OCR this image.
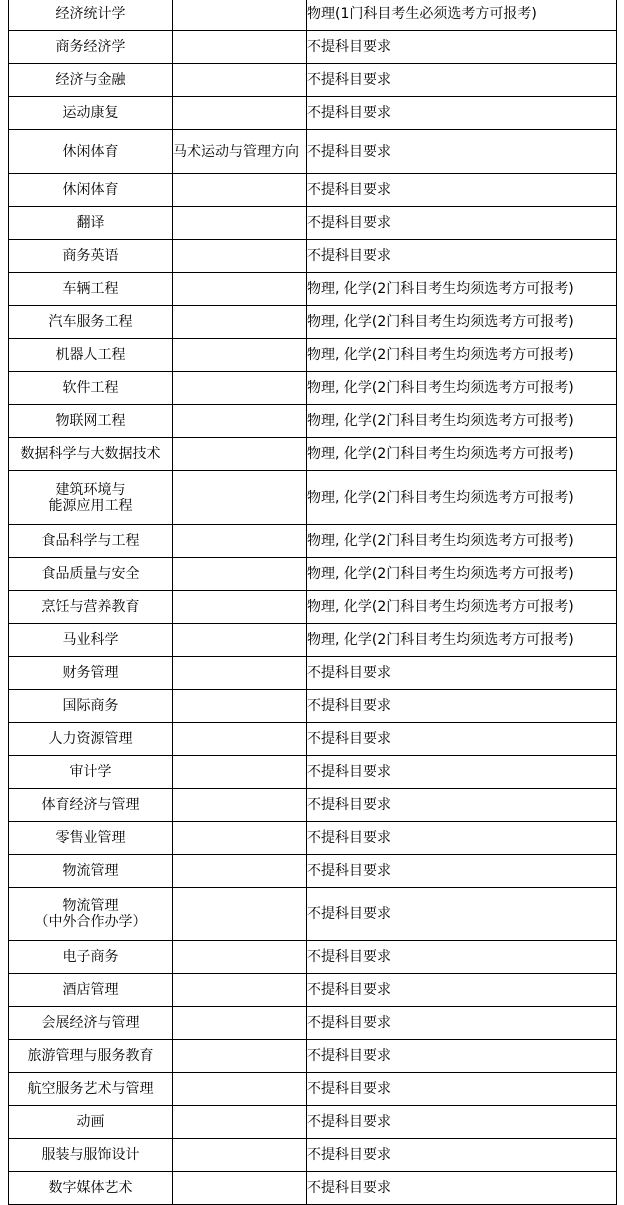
经济统计学		物理(1门科目考生必须选考方可报考)
商务经济学		不提科目要求
经济与金融		不提科目要求
运动康复		不提科目要求
休闲体育	马术运动与管理方向	不提科目要求
休闲体育		不提科目要求
翻译		不提科目要求
商务英语		不提科目要求
车辆工程		物理, 化学(2门科目考生均须选考方可报考)
汽车服务工程		物理, 化学(2门科目考生均须选考方可报考)
机器人工程		物理, 化学(2门科目考生均须选考方可报考)
软件工程		物理, 化学(2门科目考生均须选考方可报考)
物联网工程		物理, 化学(2门科目考生均须选考方可报考)
数据科学与大数据技术		物理, 化学(2门科目考生均须选考方可报考)

建筑环境与
能源应用工程		物理, 化学(2门科目考生均须选考方可报考)
食品科学与工程		物理, 化学(2门科目考生均须选考方可报考)
食品质量与安全		物理, 化学(2门科目考生均须选考方可报考)
烹饪与营养教育		物理, 化学(2门科目考生均须选考方可报考)
马业科学		物理, 化学(2门科目考生均须选考方可报考)
财务管理		不提科目要求
国际商务		不提科目要求
人力资源管理		不提科目要求
审计学		不提科目要求
体育经济与管理		不提科目要求
零售业管理		不提科目要求
物流管理		不提科目要求

物流管理
（中外合作办学）		不提科目要求
电子商务		不提科目要求
酒店管理		不提科目要求
会展经济与管理		不提科目要求
旅游管理与服务教育		不提科目要求
航空服务艺术与管理		不提科目要求
动画		不提科目要求
服装与服饰设计		不提科目要求
数字媒体艺术		不提科目要求
